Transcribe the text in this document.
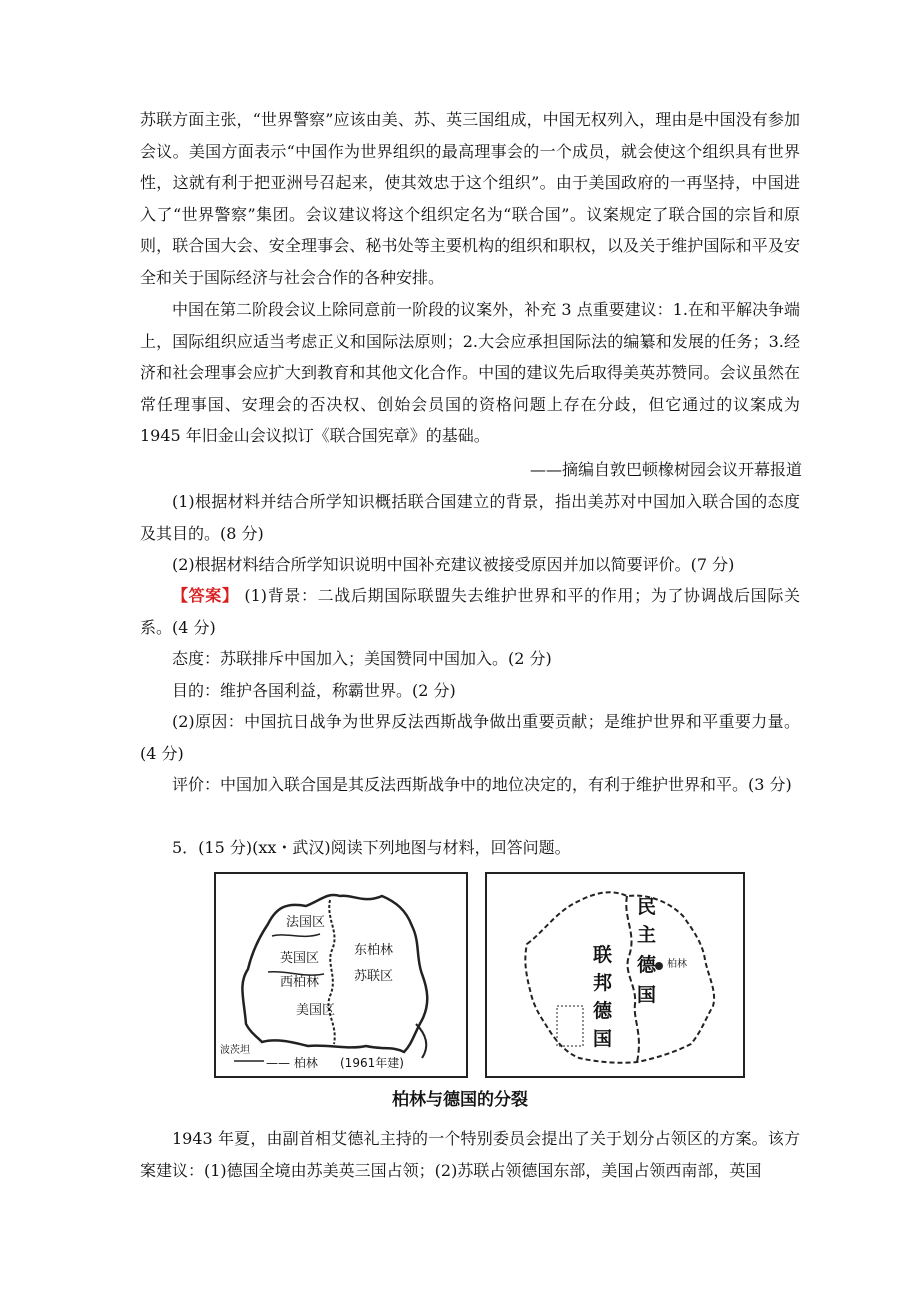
苏联方面主张，“世界警察”应该由美、苏、英三国组成，中国无权列入，理由是中国没有参加会议。美国方面表示“中国作为世界组织的最高理事会的一个成员，就会使这个组织具有世界性，这就有利于把亚洲号召起来，使其效忠于这个组织”。由于美国政府的一再坚持，中国进入了“世界警察”集团。会议建议将这个组织定名为“联合国”。议案规定了联合国的宗旨和原则，联合国大会、安全理事会、秘书处等主要机构的组织和职权，以及关于维护国际和平及安全和关于国际经济与社会合作的各种安排。

中国在第二阶段会议上除同意前一阶段的议案外，补充 3 点重要建议：1.在和平解决争端上，国际组织应适当考虑正义和国际法原则；2.大会应承担国际法的编纂和发展的任务；3.经济和社会理事会应扩大到教育和其他文化合作。中国的建议先后取得美英苏赞同。会议虽然在常任理事国、安理会的否决权、创始会员国的资格问题上存在分歧，但它通过的议案成为 1945 年旧金山会议拟订《联合国宪章》的基础。

——摘编自敦巴顿橡树园会议开幕报道

(1)根据材料并结合所学知识概括联合国建立的背景，指出美苏对中国加入联合国的态度及其目的。(8 分)

(2)根据材料结合所学知识说明中国补充建议被接受原因并加以简要评价。(7 分)

【答案】 (1)背景：二战后期国际联盟失去维护世界和平的作用；为了协调战后国际关系。(4 分)

态度：苏联排斥中国加入；美国赞同中国加入。(2 分)

目的：维护各国利益，称霸世界。(2 分)

(2)原因：中国抗日战争为世界反法西斯战争做出重要贡献；是维护世界和平重要力量。(4 分)

评价：中国加入联合国是其反法西斯战争中的地位决定的，有利于维护世界和平。(3 分)

5．(15 分)(xx・武汉)阅读下列地图与材料，回答问题。

法国区
英国区
西柏林
美国区
东柏林
苏联区
波茨坦
—— 柏林 (1961年建)
民
主
德
国
联
邦
德
国
柏林
柏林与德国的分裂

1943 年夏，由副首相艾德礼主持的一个特别委员会提出了关于划分占领区的方案。该方案建议：(1)德国全境由苏美英三国占领；(2)苏联占领德国东部，美国占领西南部，英国
